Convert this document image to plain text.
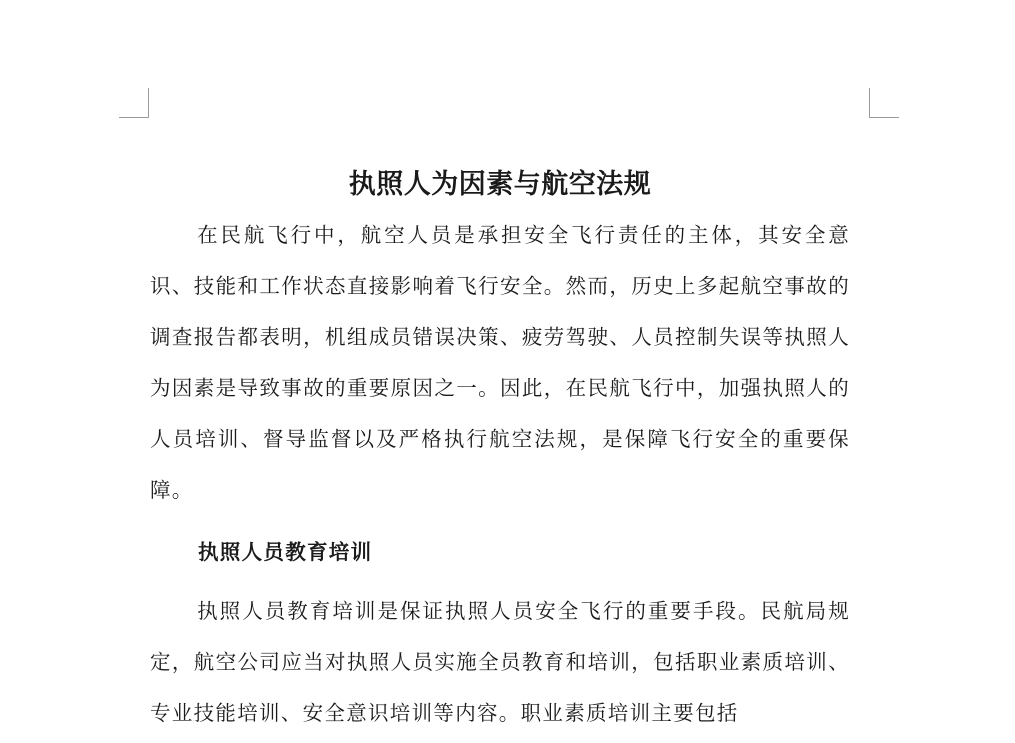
执照人为因素与航空法规

在民航飞行中，航空人员是承担安全飞行责任的主体，其安全意识、技能和工作状态直接影响着飞行安全。然而，历史上多起航空事故的调查报告都表明，机组成员错误决策、疲劳驾驶、人员控制失误等执照人为因素是导致事故的重要原因之一。因此，在民航飞行中，加强执照人的人员培训、督导监督以及严格执行航空法规，是保障飞行安全的重要保障。

执照人员教育培训

执照人员教育培训是保证执照人员安全飞行的重要手段。民航局规定，航空公司应当对执照人员实施全员教育和培训，包括职业素质培训、专业技能培训、安全意识培训等内容。职业素质培训主要包括
